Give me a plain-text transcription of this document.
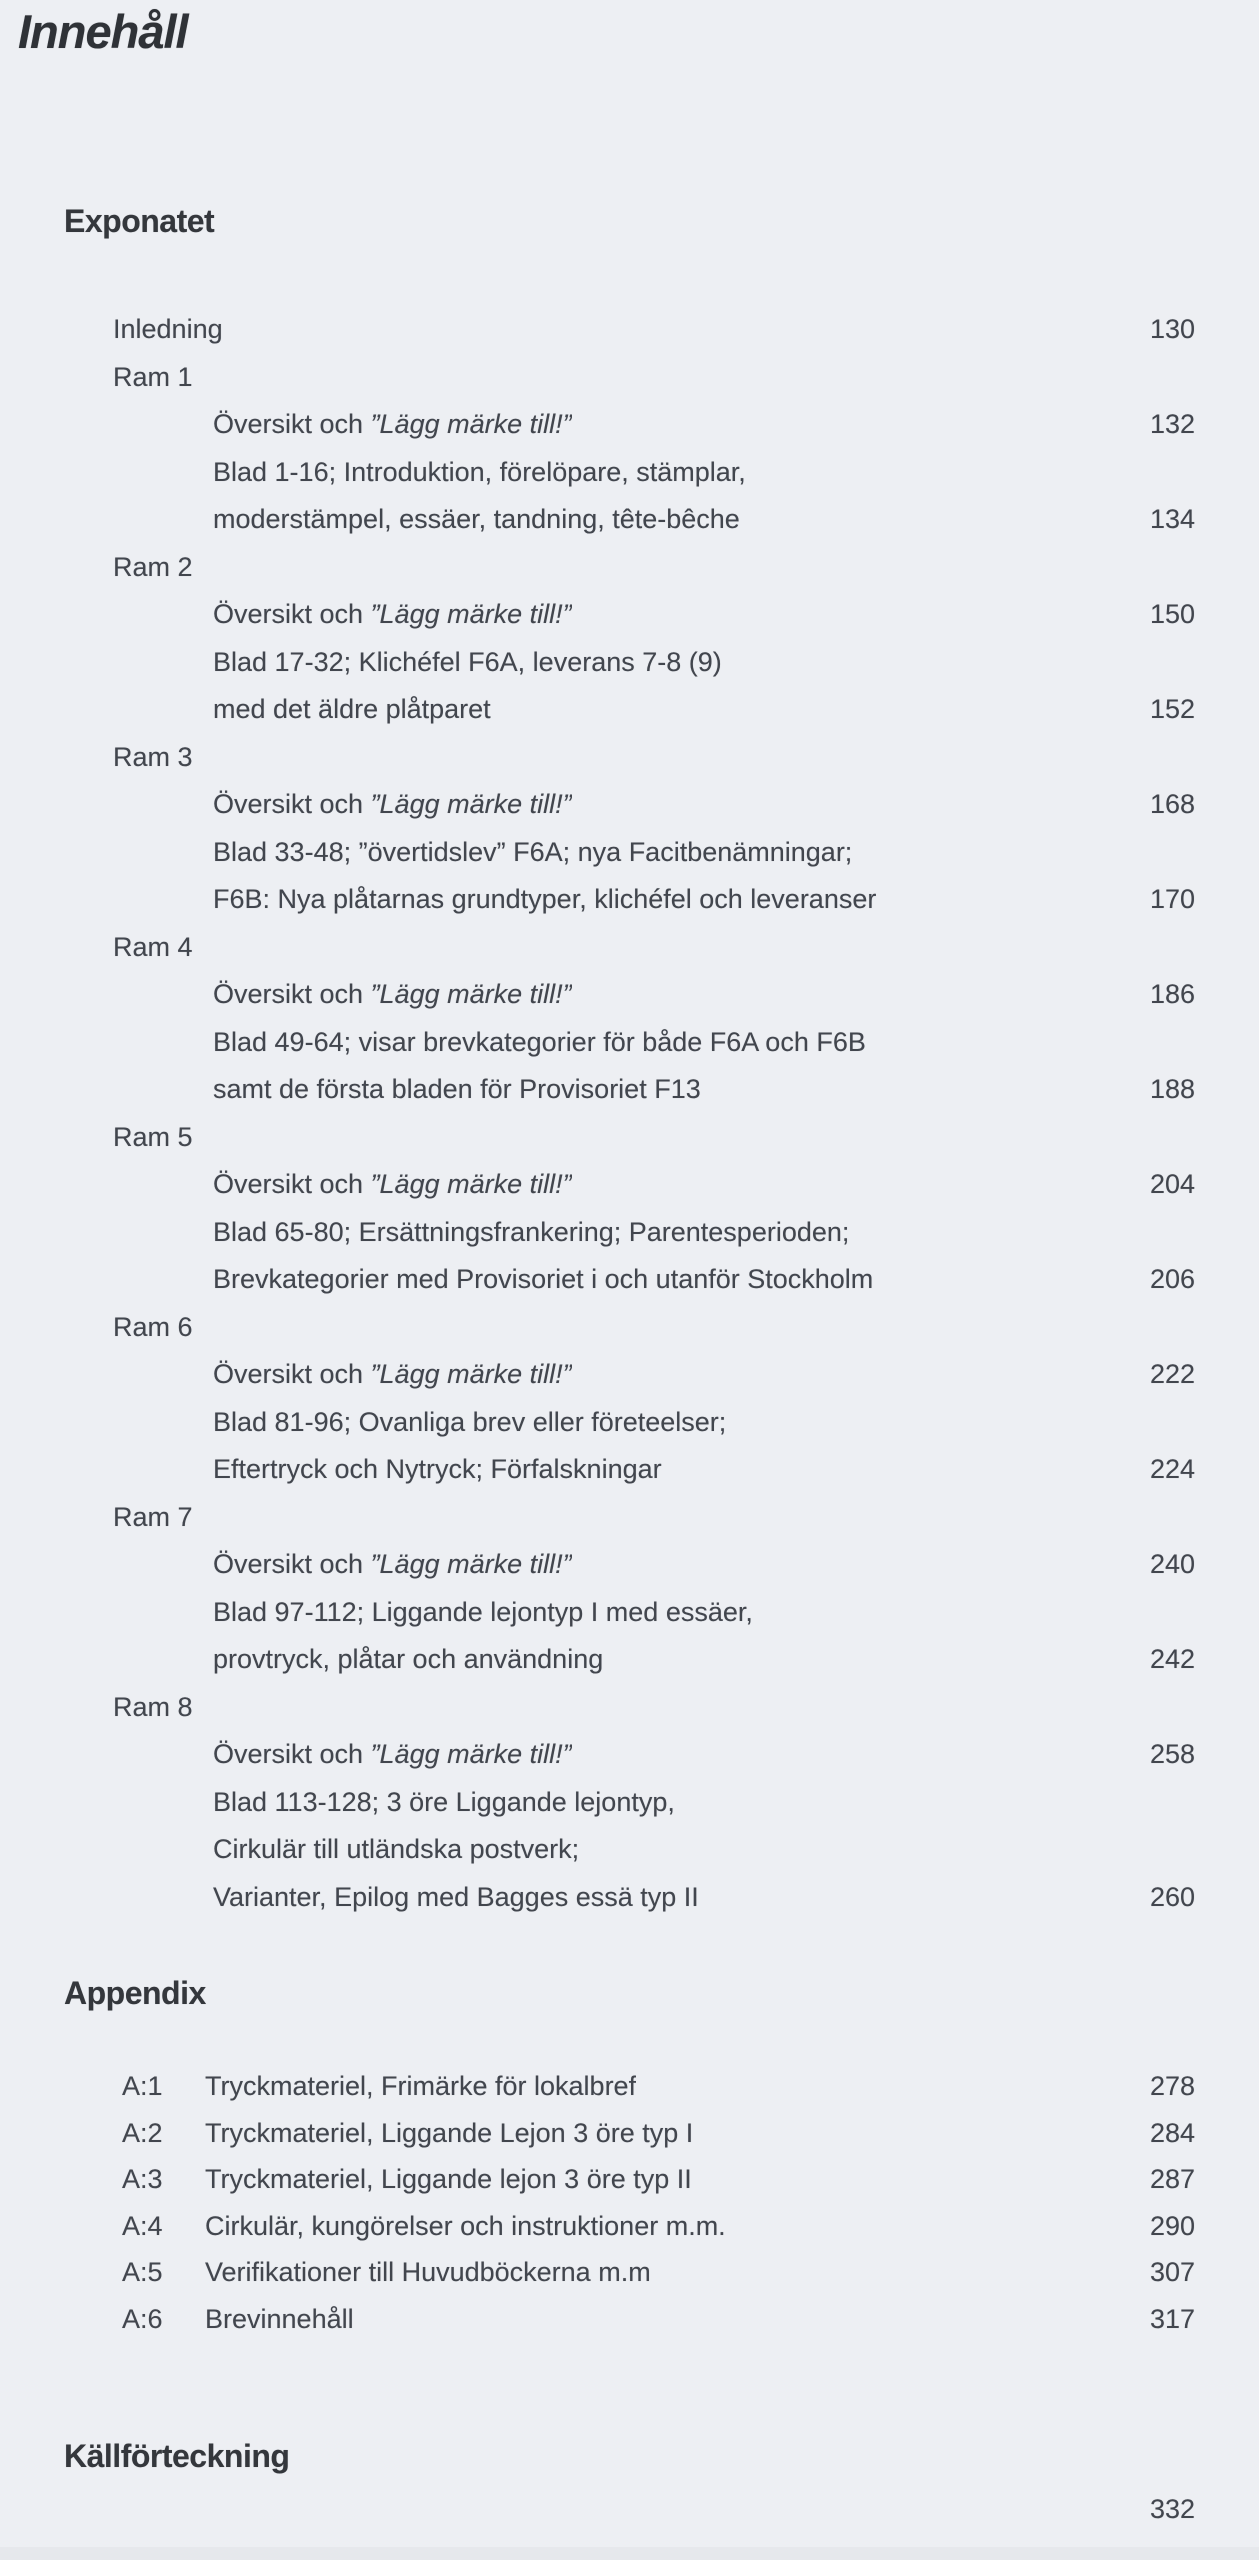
Innehåll
Exponatet
Inledning	130
Ram 1
Översikt och ”Lägg märke till!”	132
Blad 1-16; Introduktion, förelöpare, stämplar,
moderstämpel, essäer, tandning, tête-bêche	134
Ram 2
Översikt och ”Lägg märke till!”	150
Blad 17-32; Klichéfel F6A, leverans 7-8 (9)
med det äldre plåtparet	152
Ram 3
Översikt och ”Lägg märke till!”	168
Blad 33-48; ”övertidslev” F6A; nya Facitbenämningar;
F6B: Nya plåtarnas grundtyper, klichéfel och leveranser	170
Ram 4
Översikt och ”Lägg märke till!”	186
Blad 49-64; visar brevkategorier för både F6A och F6B
samt de första bladen för Provisoriet F13	188
Ram 5
Översikt och ”Lägg märke till!”	204
Blad 65-80; Ersättningsfrankering; Parentesperioden;
Brevkategorier med Provisoriet i och utanför Stockholm	206
Ram 6
Översikt och ”Lägg märke till!”	222
Blad 81-96; Ovanliga brev eller företeelser;
Eftertryck och Nytryck; Förfalskningar	224
Ram 7
Översikt och ”Lägg märke till!”	240
Blad 97-112; Liggande lejontyp I med essäer,
provtryck, plåtar och användning	242
Ram 8
Översikt och ”Lägg märke till!”	258
Blad 113-128; 3 öre Liggande lejontyp,
Cirkulär till utländska postverk;
Varianter, Epilog med Bagges essä typ II	260
Appendix
A:1	Tryckmateriel, Frimärke för lokalbref	278
A:2	Tryckmateriel, Liggande Lejon 3 öre typ I	284
A:3	Tryckmateriel, Liggande lejon 3 öre typ II	287
A:4	Cirkulär, kungörelser och instruktioner m.m.	290
A:5	Verifikationer till Huvudböckerna m.m	307
A:6	Brevinnehåll	317
Källförteckning
332
